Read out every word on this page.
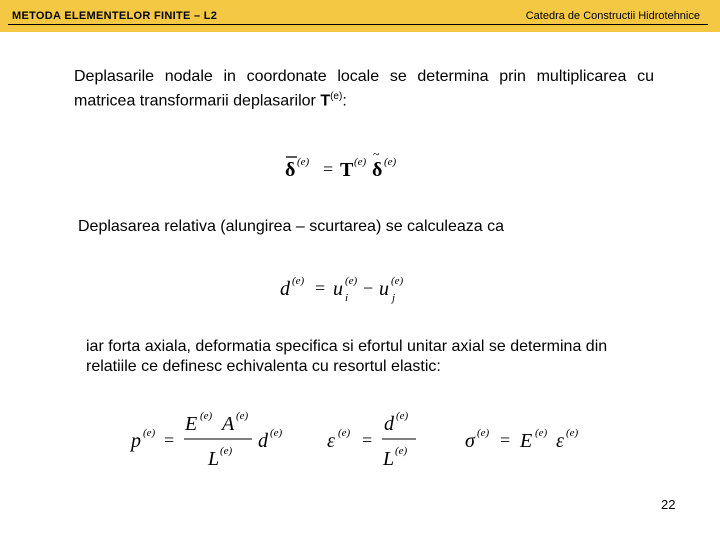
METODA ELEMENTELOR FINITE – L2	Catedra de Constructii Hidrotehnice
Deplasarile nodale in coordonate locale se determina prin multiplicarea cu matricea transformarii deplasarilor $T^{(e)}$:
δ (e) = T (e)
~
δ (e)
Deplasarea relativa (alungirea – scurtarea) se calculeaza ca
d (e) = u (e)
i − u (e)
j
iar forta axiala, deformatia specifica si efortul unitar axial se determina din relatiile ce definesc echivalenta cu resortul elastic:
p (e) =
E (e) A (e)
L (e) d (e) ε (e) =
d (e)
L (e)	σ (e) = E (e) ε (e)
22
